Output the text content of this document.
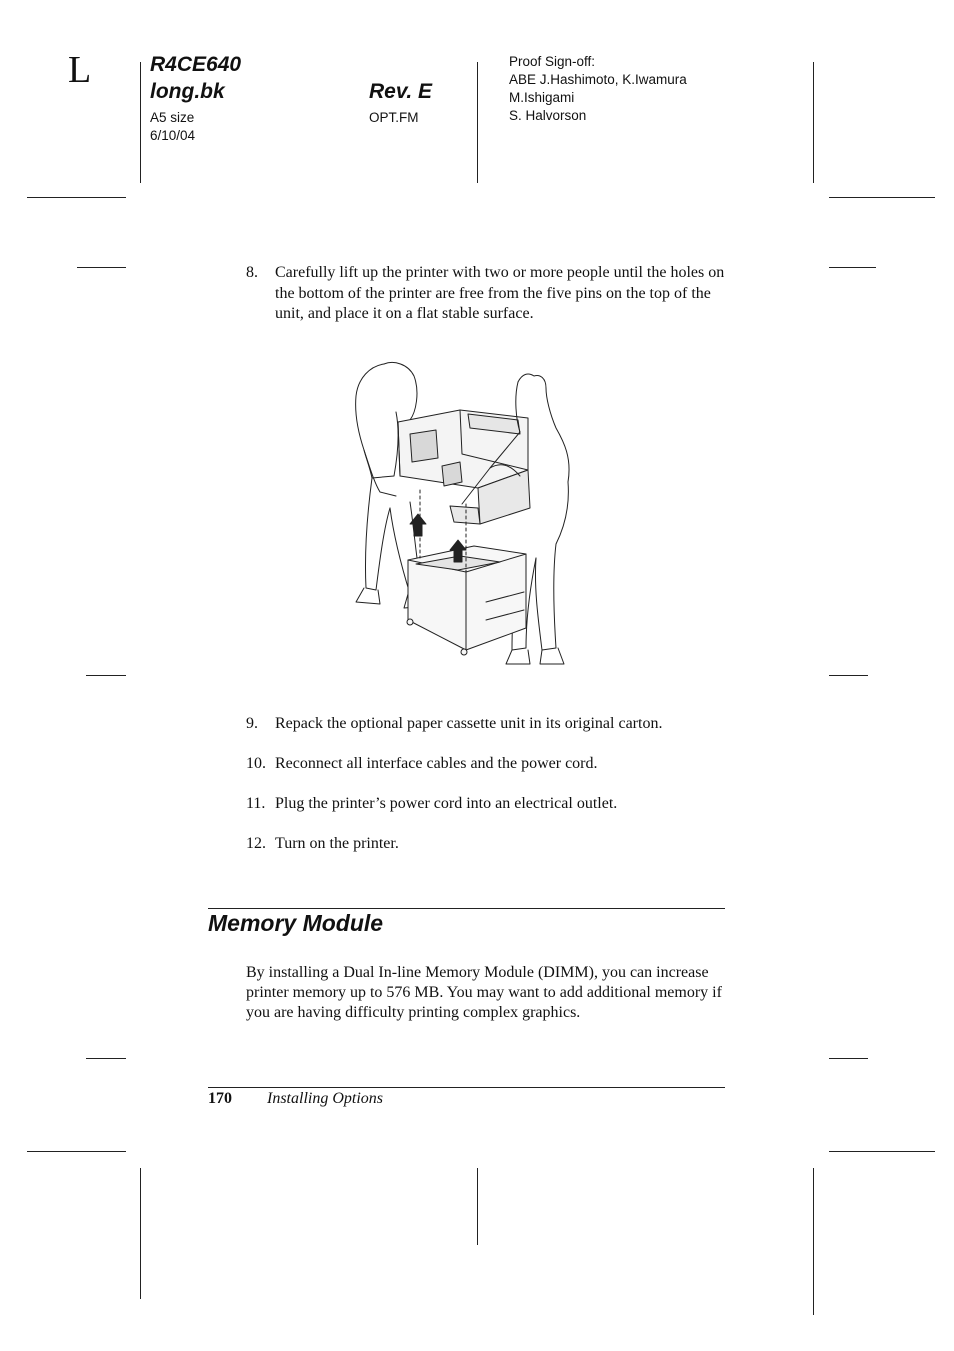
L	R4CE640
long.bk
A5 size
6/10/04
Rev. E
OPT.FM
Proof Sign-off:
ABE J.Hashimoto, K.Iwamura
M.Ishigami
S. Halvorson
8. Carefully lift up the printer with two or more people until the holes on the bottom of the printer are free from the five pins on the top of the unit, and place it on a flat stable surface.
9. Repack the optional paper cassette unit in its original carton.
10. Reconnect all interface cables and the power cord.
11. Plug the printer’s power cord into an electrical outlet.
12. Turn on the printer.
Memory Module
By installing a Dual In-line Memory Module (DIMM), you can increase printer memory up to 576 MB. You may want to add additional memory if you are having difficulty printing complex graphics.
170 Installing Options
